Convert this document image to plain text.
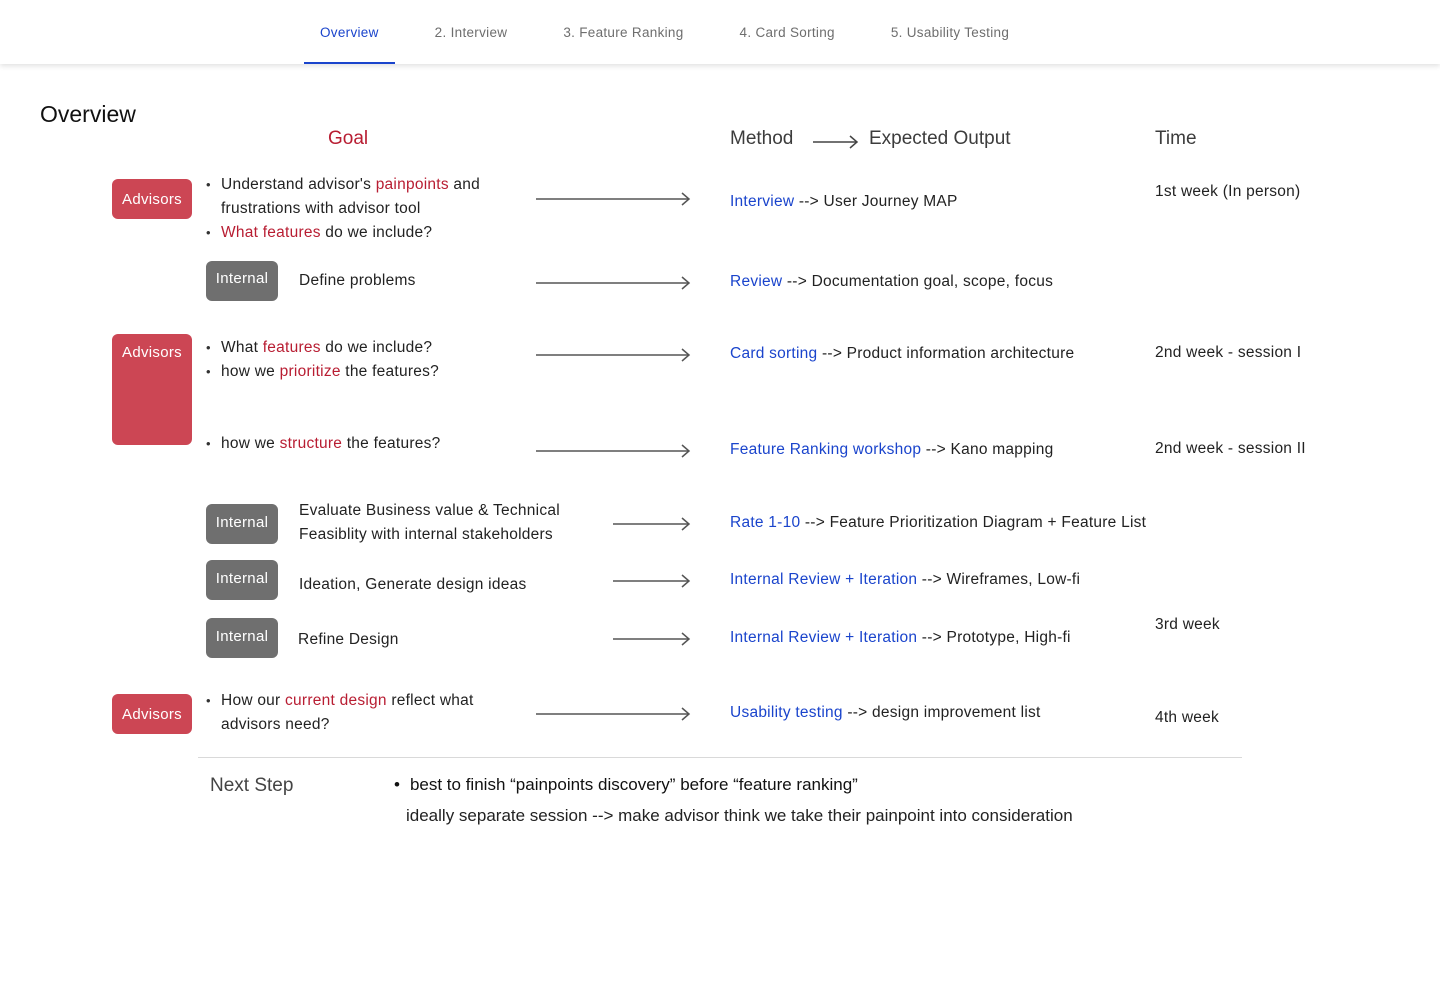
Overview	2. Interview	3. Feature Ranking	4. Card Sorting	5. Usability Testing
Overview
Goal	Method	Expected Output	Time
Advisors
• Understand advisor's painpoints and
frustrations with advisor tool
• What features do we include?
Interview --> User Journey MAP
1st week (In person)
Internal Define problems	Review --> Documentation goal, scope, focus
Advisors
•	What features do we include?
• how we prioritize the features?
Card sorting --> Product information architecture	2nd week - session I
• how we structure the features?	Feature Ranking workshop --> Kano mapping	2nd week - session II
Internal
Evaluate Business value & Technical
Feasiblity with internal stakeholders
Rate 1-10 --> Feature Prioritization Diagram + Feature List
Internal Ideation, Generate design ideas	Internal Review + Iteration --> Wireframes, Low-fi
Internal Refine Design	Internal Review + Iteration --> Prototype, High-fi
3rd week
Advisors
• How our current design reflect what
advisors need?
Usability testing --> design improvement list	4th week
Next Step	• best to finish “painpoints discovery” before “feature ranking”
ideally separate session --> make advisor think we take their painpoint into consideration
